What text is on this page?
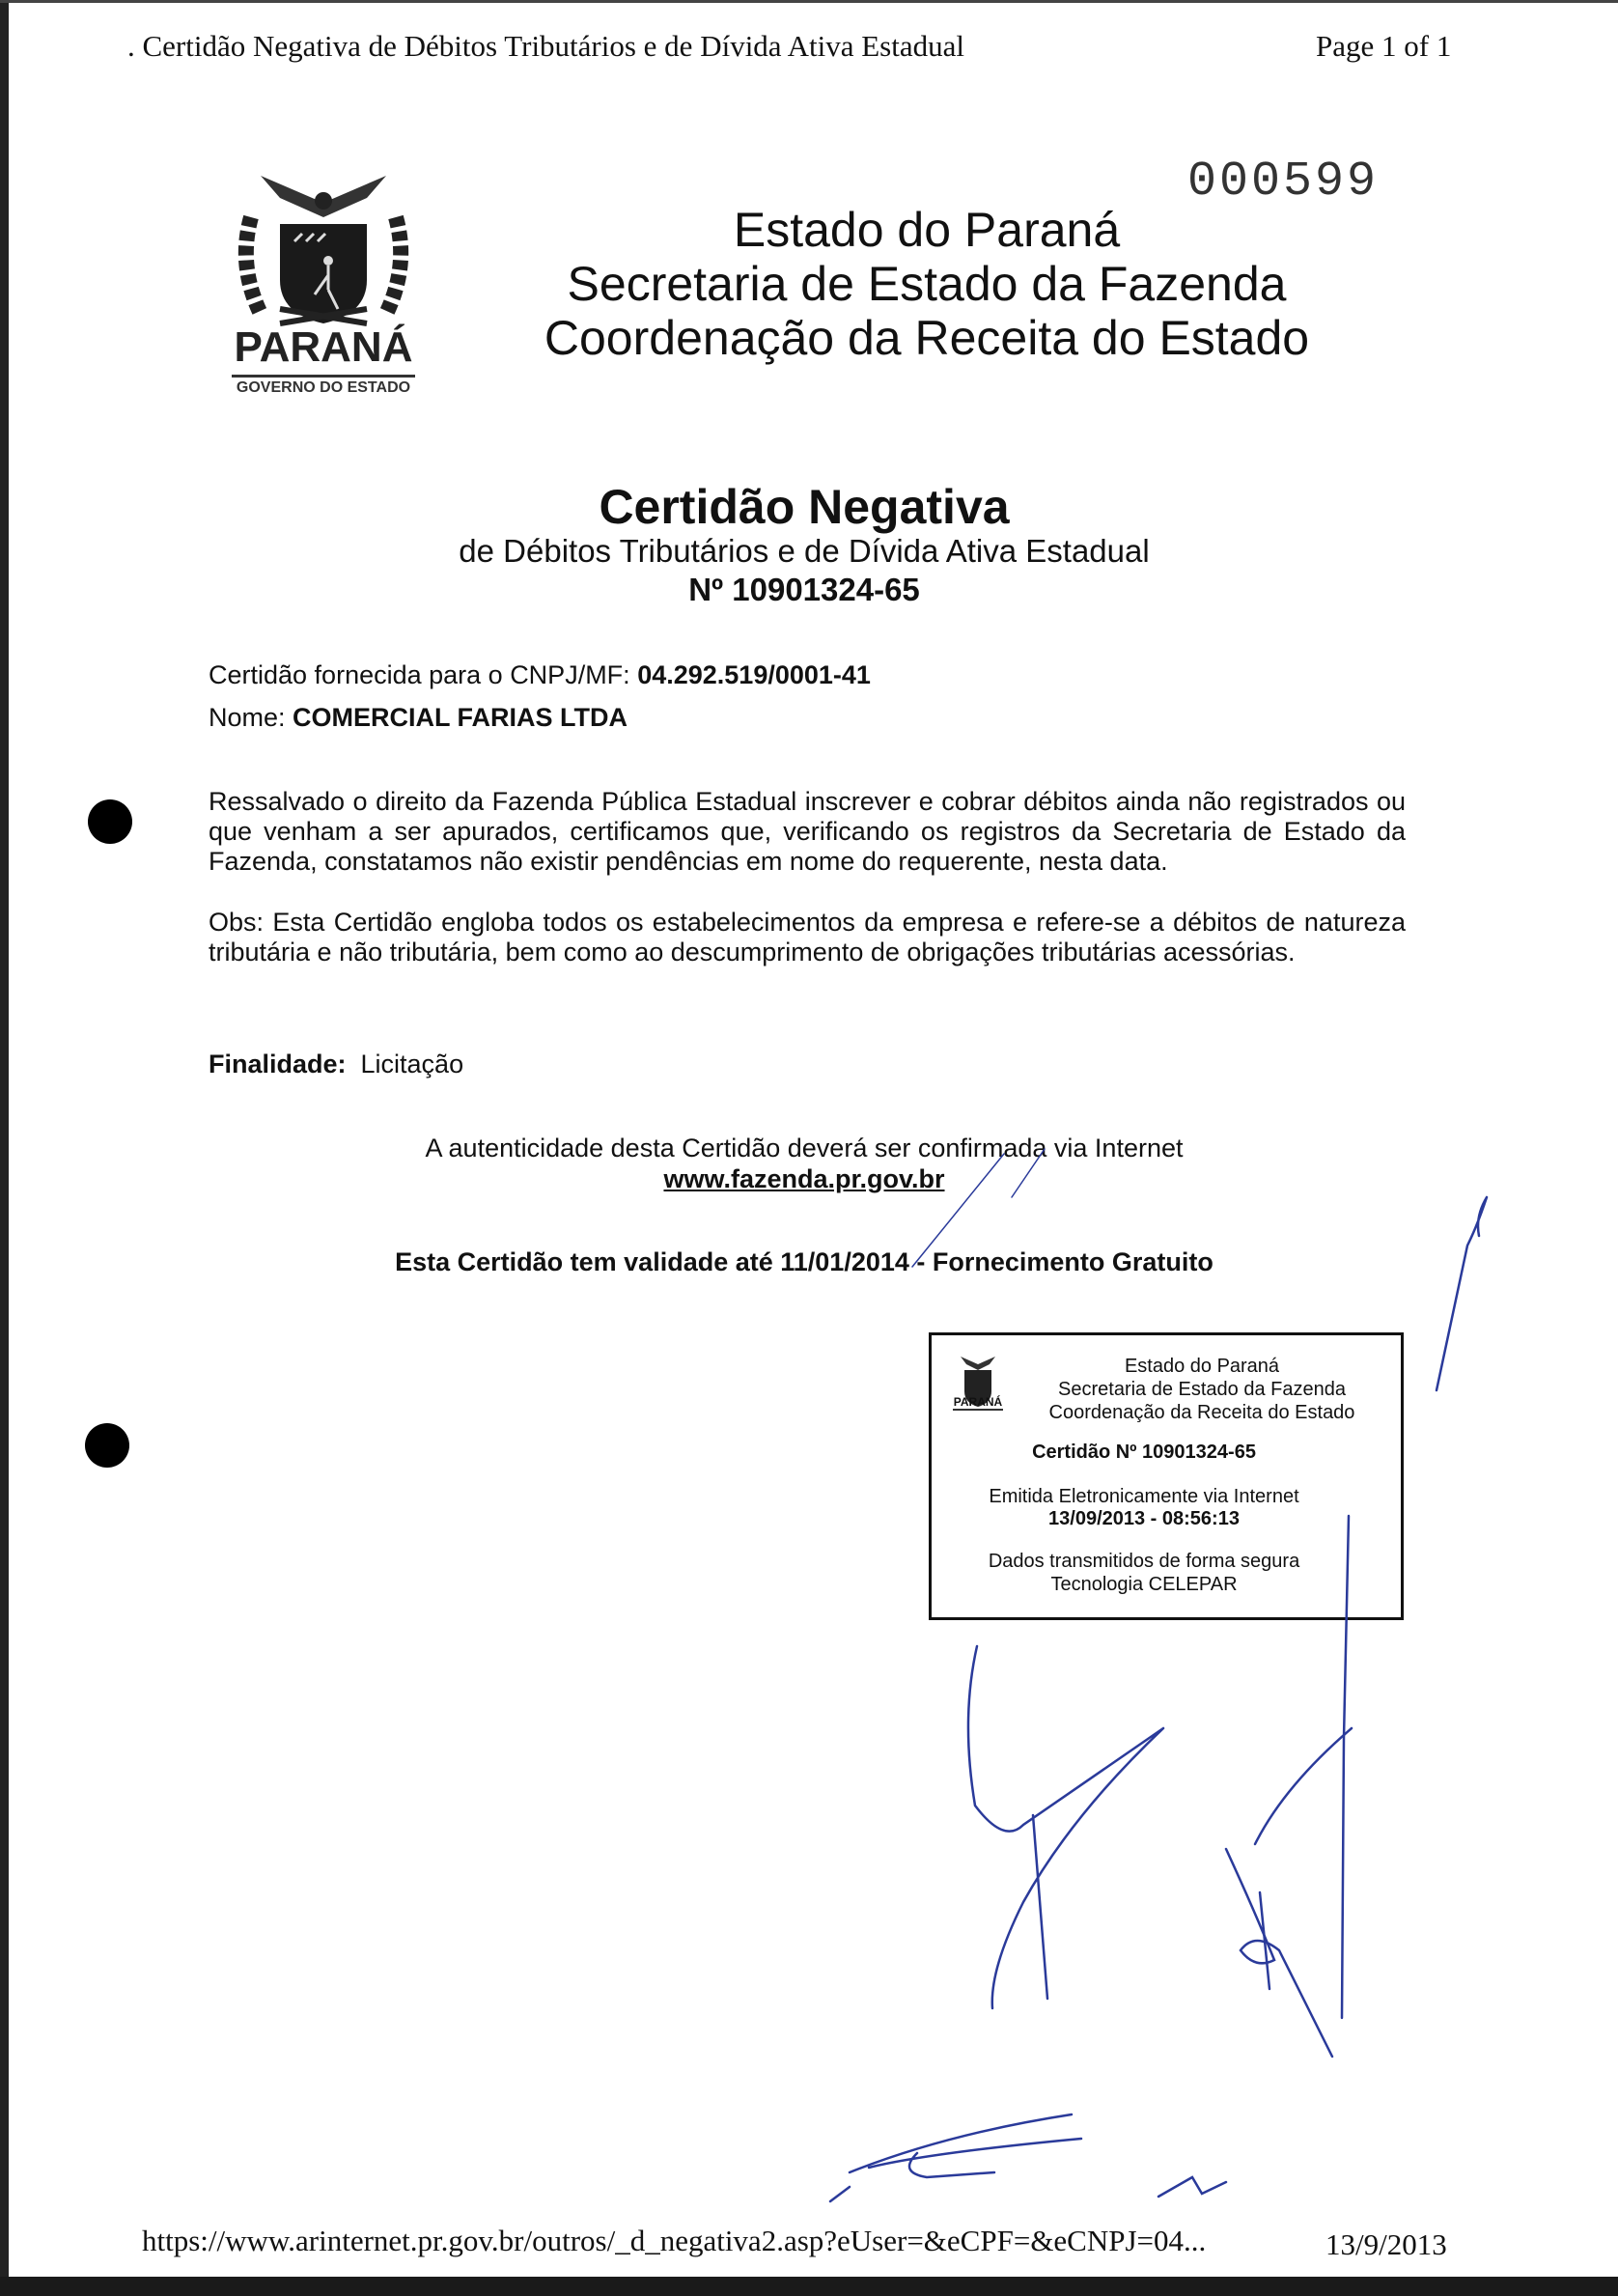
. Certidão Negativa de Débitos Tributários e de Dívida Ativa Estadual	Page 1 of 1
PARANÁ
GOVERNO DO ESTADO
000599
Estado do Paraná
Secretaria de Estado da Fazenda
Coordenação da Receita do Estado
Certidão Negativa
de Débitos Tributários e de Dívida Ativa Estadual
Nº 10901324-65
Certidão fornecida para o CNPJ/MF: 04.292.519/0001-41
Nome: COMERCIAL FARIAS LTDA
Ressalvado o direito da Fazenda Pública Estadual inscrever e cobrar débitos ainda não registrados ou que venham a ser apurados, certificamos que, verificando os registros da Secretaria de Estado da Fazenda, constatamos não existir pendências em nome do requerente, nesta data.
Obs: Esta Certidão engloba todos os estabelecimentos da empresa e refere-se a débitos de natureza tributária e não tributária, bem como ao descumprimento de obrigações tributárias acessórias.
Finalidade: Licitação
A autenticidade desta Certidão deverá ser confirmada via Internet
www.fazenda.pr.gov.br
Esta Certidão tem validade até 11/01/2014 - Fornecimento Gratuito
PARANÁ
Estado do Paraná
Secretaria de Estado da Fazenda
Coordenação da Receita do Estado
Certidão Nº 10901324-65
Emitida Eletronicamente via Internet
13/09/2013 - 08:56:13
Dados transmitidos de forma segura
Tecnologia CELEPAR
https://www.arinternet.pr.gov.br/outros/_d_negativa2.asp?eUser=&eCPF=&eCNPJ=04...	13/9/2013
